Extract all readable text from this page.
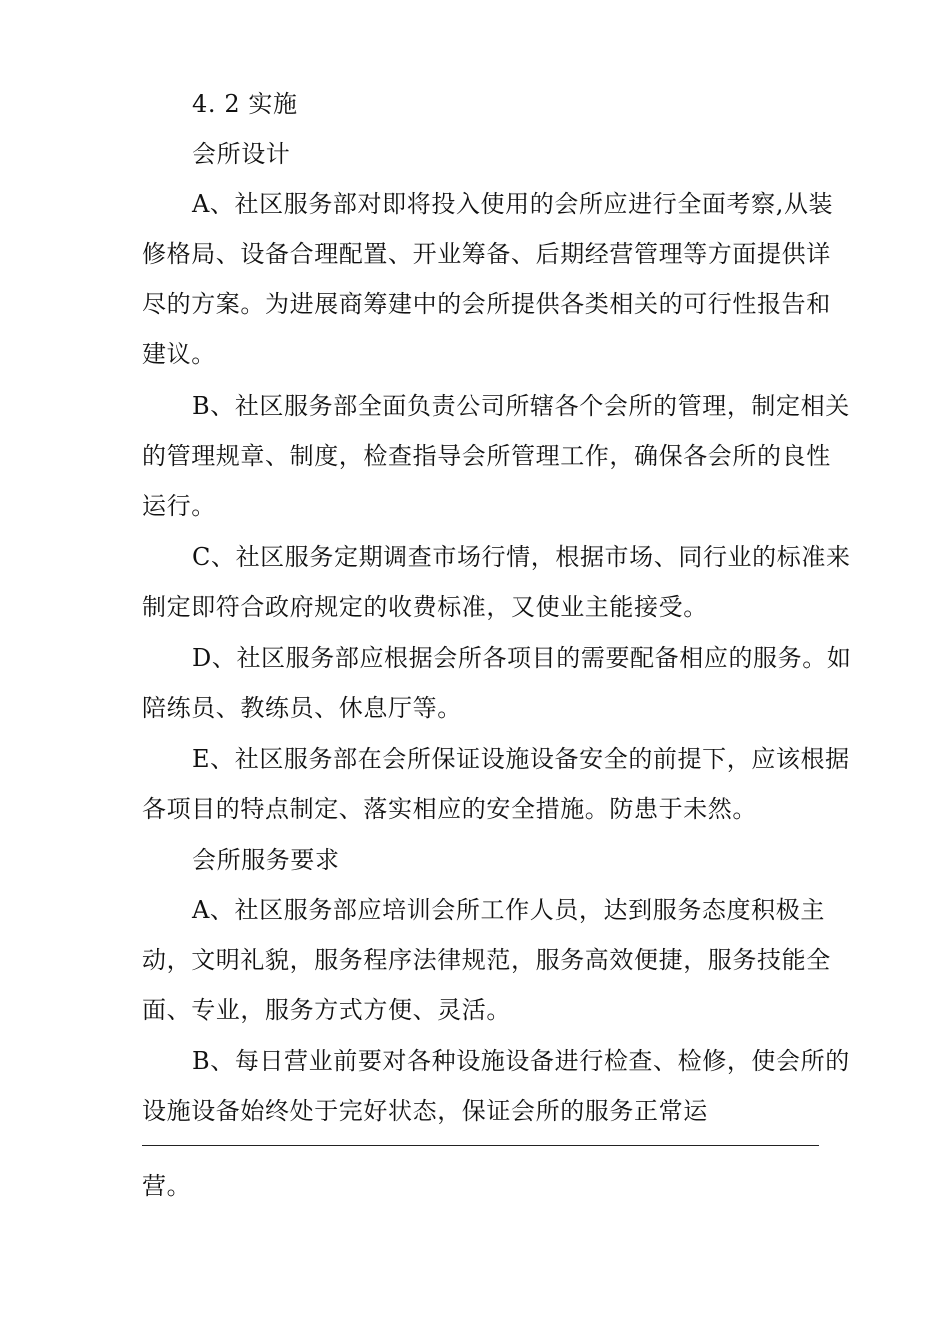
4. 2 实施
会所设计
A、社区服务部对即将投入使用的会所应进行全面考察,从装
修格局、设备合理配置、开业筹备、后期经营管理等方面提供详
尽的方案。为进展商筹建中的会所提供各类相关的可行性报告和
建议。
B、社区服务部全面负责公司所辖各个会所的管理，制定相关
的管理规章、制度，检查指导会所管理工作，确保各会所的良性
运行。
C、社区服务定期调查市场行情，根据市场、同行业的标准来
制定即符合政府规定的收费标准，又使业主能接受。
D、社区服务部应根据会所各项目的需要配备相应的服务。如
陪练员、教练员、休息厅等。
E、社区服务部在会所保证设施设备安全的前提下，应该根据
各项目的特点制定、落实相应的安全措施。防患于未然。
会所服务要求
A、社区服务部应培训会所工作人员，达到服务态度积极主
动，文明礼貌，服务程序法律规范，服务高效便捷，服务技能全
面、专业，服务方式方便、灵活。
B、每日营业前要对各种设施设备进行检查、检修，使会所的
设施设备始终处于完好状态，保证会所的服务正常运
营。
